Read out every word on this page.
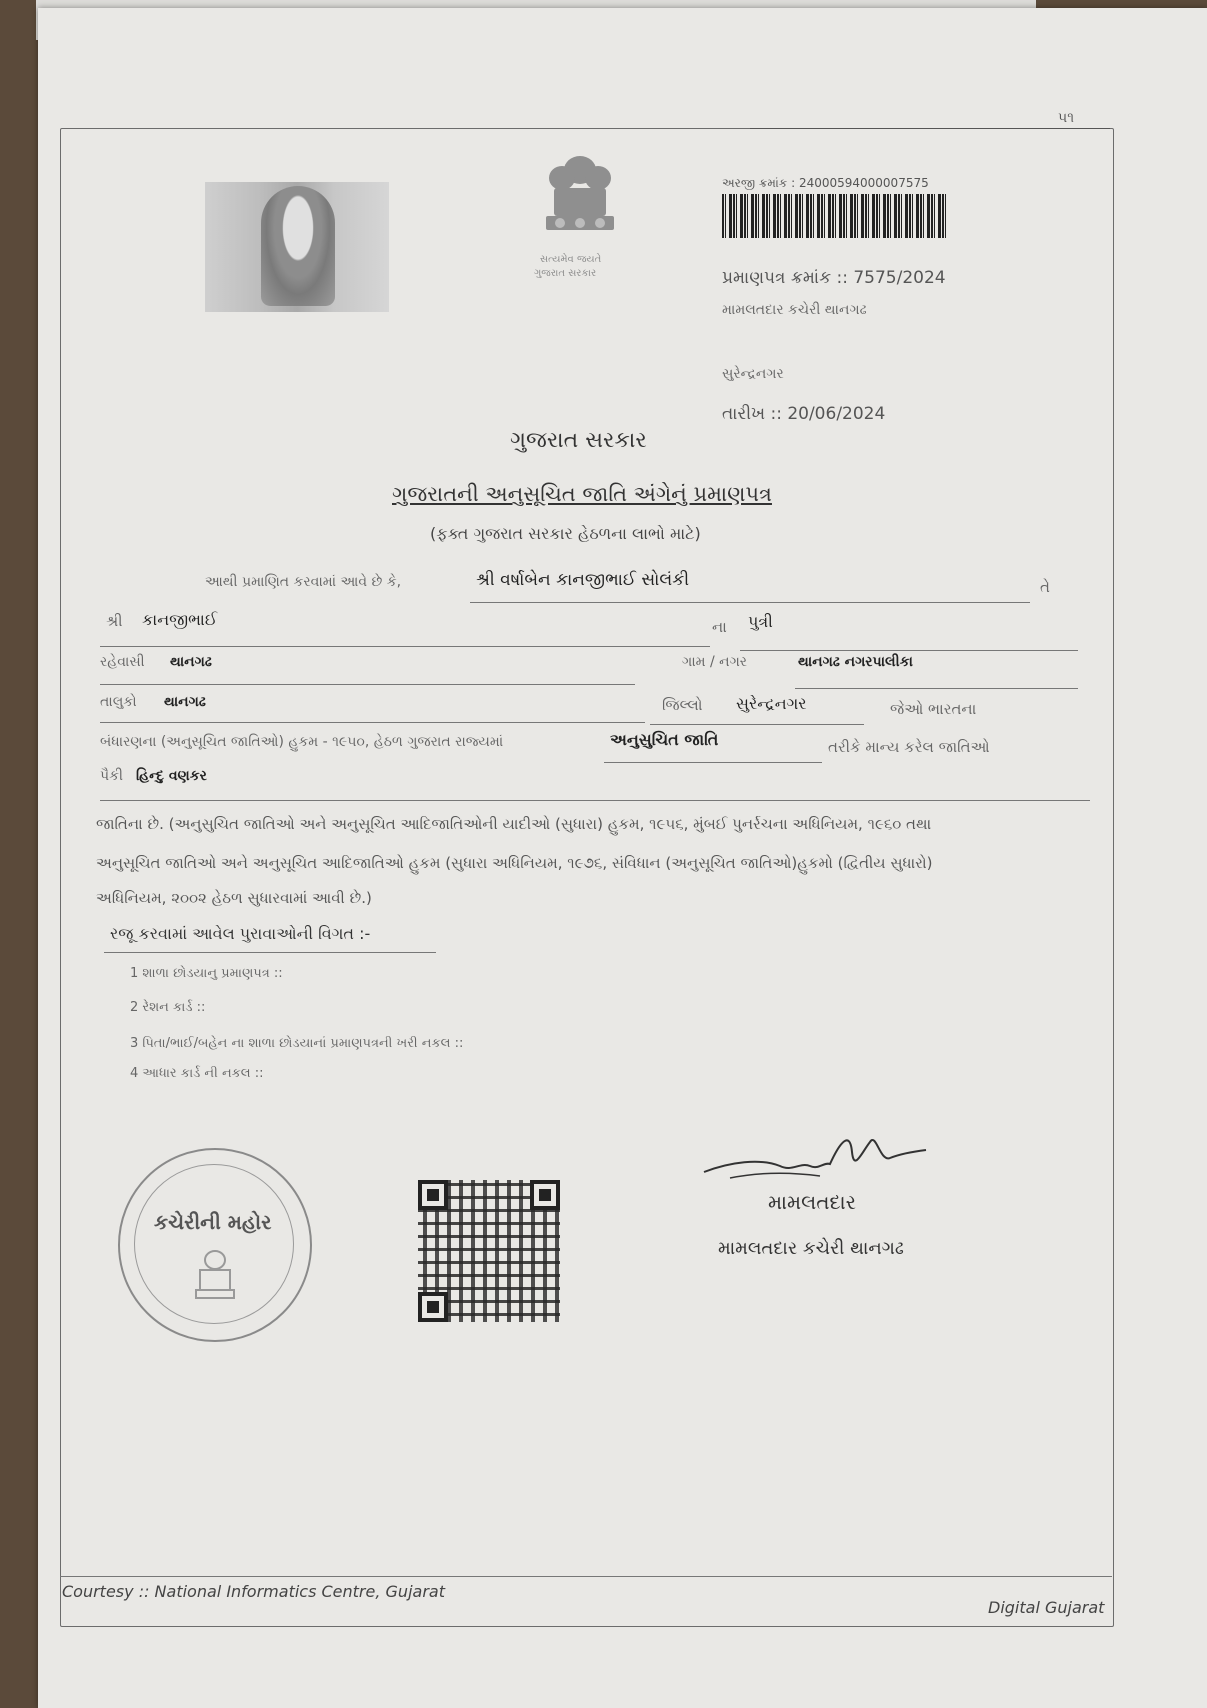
૫૧
સત્યમેવ જયતે
ગુજરાત સરકાર
અરજી ક્રમાંક : 24000594000007575
પ્રમાણપત્ર ક્રમાંક :: 7575/2024
મામલતદાર કચેરી થાનગઢ
સુરેન્દ્રનગર
તારીખ :: 20/06/2024
ગુજરાત સરકાર
ગુજરાતની અનુસૂચિત જાતિ અંગેનું પ્રમાણપત્ર
(ફક્ત ગુજરાત સરકાર હેઠળના લાભો માટે)
આથી પ્રમાણિત કરવામાં આવે છે કે,	શ્રી વર્ષાબેન કાનજીભાઈ સોલંકી	તે
શ્રી કાનજીભાઈ	ના પુત્રી
રહેવાસી થાનગઢ	ગામ / નગર	થાનગઢ નગરપાલીકા
તાલુકો થાનગઢ	જિલ્લો સુરેન્દ્રનગર	જેઓ ભારતના
બંધારણના (અનુસૂચિત જાતિઓ) હુકમ - ૧૯૫૦, હેઠળ ગુજરાત રાજ્યમાં	અનુસુચિત જાતિ	તરીકે માન્ય કરેલ જાતિઓ
પૈકી હિન્દુ વણકર
જાતિના છે. (અનુસુચિત જાતિઓ અને અનુસૂચિત આદિજાતિઓની યાદીઓ (સુધારા) હુકમ, ૧૯૫૬, મુંબઈ પુનર્રચના અધિનિયમ, ૧૯૬૦ તથા
અનુસૂચિત જાતિઓ અને અનુસૂચિત આદિજાતિઓ હુકમ (સુધારા અધિનિયમ, ૧૯૭૬, સંવિધાન (અનુસૂચિત જાતિઓ)હુકમો (દ્વિતીય સુધારો)
અધિનિયમ, ૨૦૦૨ હેઠળ સુધારવામાં આવી છે.)
રજૂ કરવામાં આવેલ પુરાવાઓની વિગત :-
1 શાળા છોડયાનુ પ્રમાણપત્ર ::
2 રેશન કાર્ડ ::
3 પિતા/ભાઈ/બહેન ના શાળા છોડયાનાં પ્રમાણપત્રની ખરી નકલ ::
4 આધાર કાર્ડ ની નકલ ::
કચેરીની મહોર
મામલતદાર
મામલતદાર કચેરી થાનગઢ
Courtesy :: National Informatics Centre, Gujarat
Digital Gujarat
